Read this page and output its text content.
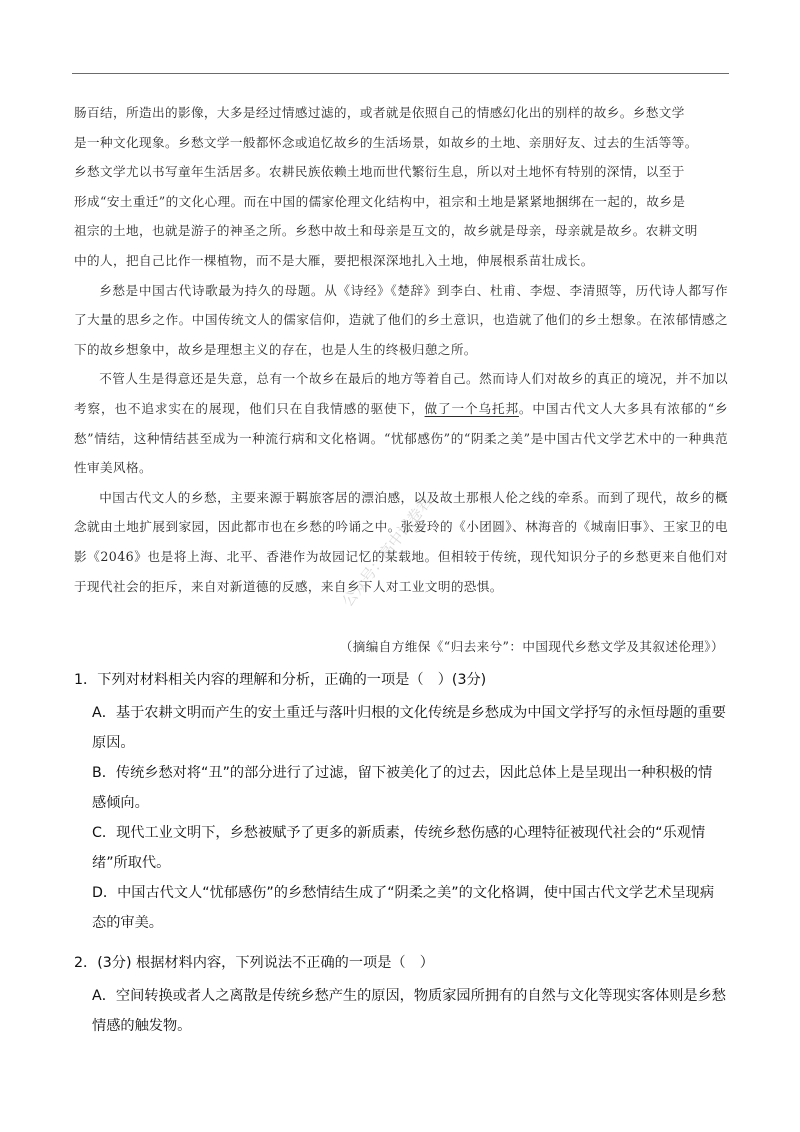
肠百结，所造出的影像，大多是经过情感过滤的，或者就是依照自己的情感幻化出的别样的故乡。乡愁文学

是一种文化现象。乡愁文学一般都怀念或追忆故乡的生活场景，如故乡的土地、亲朋好友、过去的生活等等。

乡愁文学尤以书写童年生活居多。农耕民族依赖土地而世代繁衍生息，所以对土地怀有特别的深情，以至于

形成“安土重迁”的文化心理。而在中国的儒家伦理文化结构中，祖宗和土地是紧紧地捆绑在一起的，故乡是

祖宗的土地，也就是游子的神圣之所。乡愁中故土和母亲是互文的，故乡就是母亲，母亲就是故乡。农耕文明

中的人，把自己比作一棵植物，而不是大雁，要把根深深地扎入土地，伸展根系苗壮成长。

乡愁是中国古代诗歌最为持久的母题。从《诗经》《楚辞》到李白、杜甫、李煜、李清照等，历代诗人都写作了大量的思乡之作。中国传统文人的儒家信仰，造就了他们的乡土意识，也造就了他们的乡土想象。在浓郁情感之下的故乡想象中，故乡是理想主义的存在，也是人生的终极归憩之所。

不管人生是得意还是失意，总有一个故乡在最后的地方等着自己。然而诗人们对故乡的真正的境况，并不加以考察，也不追求实在的展现，他们只在自我情感的驱使下，做了一个乌托邦。中国古代文人大多具有浓郁的“乡愁”情结，这种情结甚至成为一种流行病和文化格调。“忧郁感伤”的“阴柔之美”是中国古代文学艺术中的一种典范性审美风格。

中国古代文人的乡愁，主要来源于羁旅客居的漂泊感，以及故土那根人伦之线的牵系。而到了现代，故乡的概念就由土地扩展到家园，因此都市也在乡愁的吟诵之中。张爱玲的《小团圆》、林海音的《城南旧事》、王家卫的电影《2046》也是将上海、北平、香港作为故园记忆的某载地。但相较于传统，现代知识分子的乡愁更来自他们对于现代社会的拒斥，来自对新道德的反感，来自乡下人对工业文明的恐惧。

（摘编自方维保《“归去来兮”：中国现代乡愁文学及其叙述伦理》）
1．下列对材料相关内容的理解和分析，正确的一项是（　）(3分)
A．基于农耕文明而产生的安土重迁与落叶归根的文化传统是乡愁成为中国文学抒写的永恒母题的重要原因。
B．传统乡愁对将“丑”的部分进行了过滤，留下被美化了的过去，因此总体上是呈现出一种积极的情感倾向。
C．现代工业文明下，乡愁被赋予了更多的新质素，传统乡愁伤感的心理特征被现代社会的“乐观情绪”所取代。
D．中国古代文人“忧郁感伤”的乡愁情结生成了“阴柔之美”的文化格调，使中国古代文学艺术呈现病态的审美。
2．(3分) 根据材料内容，下列说法不正确的一项是（　）
A．空间转换或者人之离散是传统乡愁产生的原因，物质家园所拥有的自然与文化等现实客体则是乡愁情感的触发物。
公众号：高中试卷君
